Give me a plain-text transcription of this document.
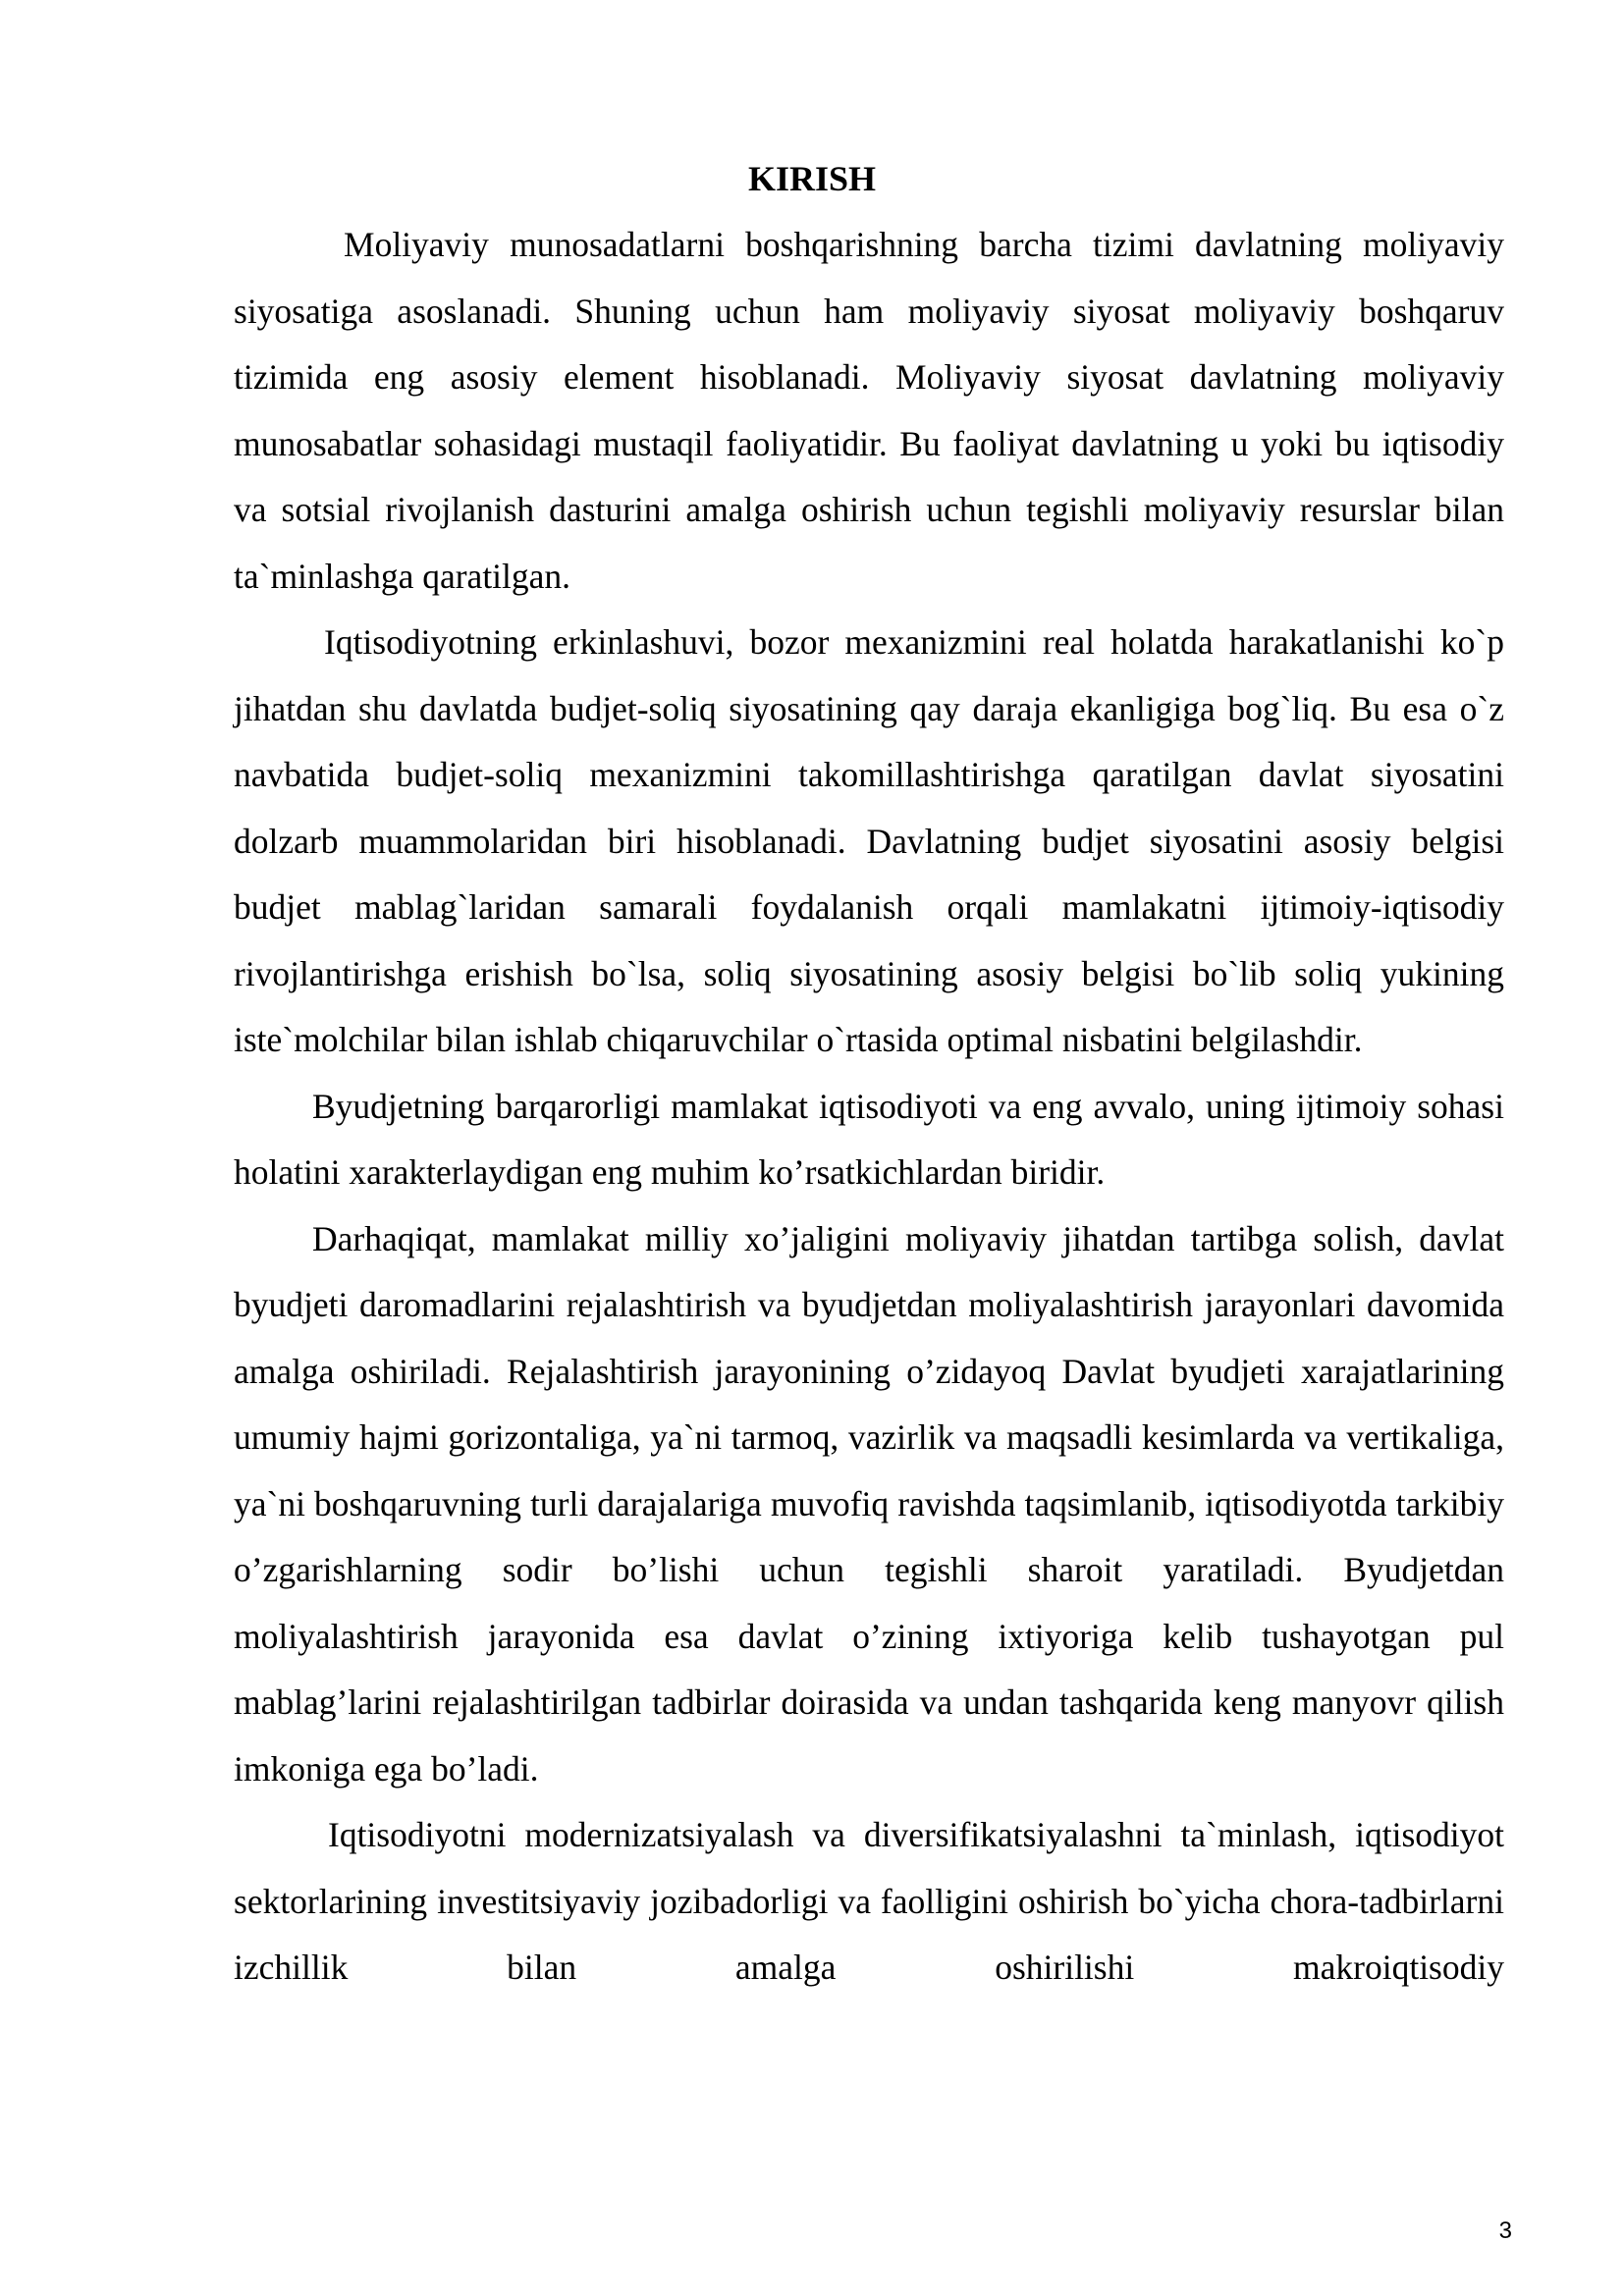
KIRISH

Moliyaviy munosadatlarni boshqarishning barcha tizimi davlatning moliyaviy siyosatiga asoslanadi. Shuning uchun ham moliyaviy siyosat moliyaviy boshqaruv tizimida eng asosiy element hisoblanadi. Moliyaviy siyosat davlatning moliyaviy munosabatlar sohasidagi mustaqil faoliyatidir. Bu faoliyat davlatning u yoki bu iqtisodiy va sotsial rivojlanish dasturini amalga oshirish uchun tegishli moliyaviy resurslar bilan ta`minlashga qaratilgan.

Iqtisodiyotning erkinlashuvi, bozor mexanizmini real holatda harakatlanishi ko`p jihatdan shu davlatda budjet-soliq siyosatining qay daraja ekanligiga bog`liq. Bu esa o`z navbatida budjet-soliq mexanizmini takomillashtirishga qaratilgan davlat siyosatini dolzarb muammolaridan biri hisoblanadi. Davlatning budjet siyosatini asosiy belgisi budjet mablag`laridan samarali foydalanish orqali mamlakatni ijtimoiy-iqtisodiy rivojlantirishga erishish bo`lsa, soliq siyosatining asosiy belgisi bo`lib soliq yukining iste`molchilar bilan ishlab chiqaruvchilar o`rtasida optimal nisbatini belgilashdir.

Byudjetning barqarorligi mamlakat iqtisodiyoti va eng avvalo, uning ijtimoiy sohasi holatini xarakterlaydigan eng muhim ko’rsatkichlardan biridir.

Darhaqiqat, mamlakat milliy xo’jaligini moliyaviy jihatdan tartibga solish, davlat byudjeti daromadlarini rejalashtirish va byudjetdan moliyalashtirish jarayonlari davomida amalga oshiriladi. Rejalashtirish jarayonining o’zidayoq Davlat byudjeti xarajatlarining umumiy hajmi gorizontaliga, ya`ni tarmoq, vazirlik va maqsadli kesimlarda va vertikaliga, ya`ni boshqaruvning turli darajalariga muvofiq ravishda taqsimlanib, iqtisodiyotda tarkibiy o’zgarishlarning sodir bo’lishi uchun tegishli sharoit yaratiladi. Byudjetdan moliyalashtirish jarayonida esa davlat o’zining ixtiyoriga kelib tushayotgan pul mablag’larini rejalashtirilgan tadbirlar doirasida va undan tashqarida keng manyovr qilish imkoniga ega bo’ladi.

Iqtisodiyotni modernizatsiyalash va diversifikatsiyalashni ta`minlash, iqtisodiyot sektorlarining investitsiyaviy jozibadorligi va faolligini oshirish bo`yicha chora-tadbirlarni izchillik bilan amalga oshirilishi makroiqtisodiy

3
